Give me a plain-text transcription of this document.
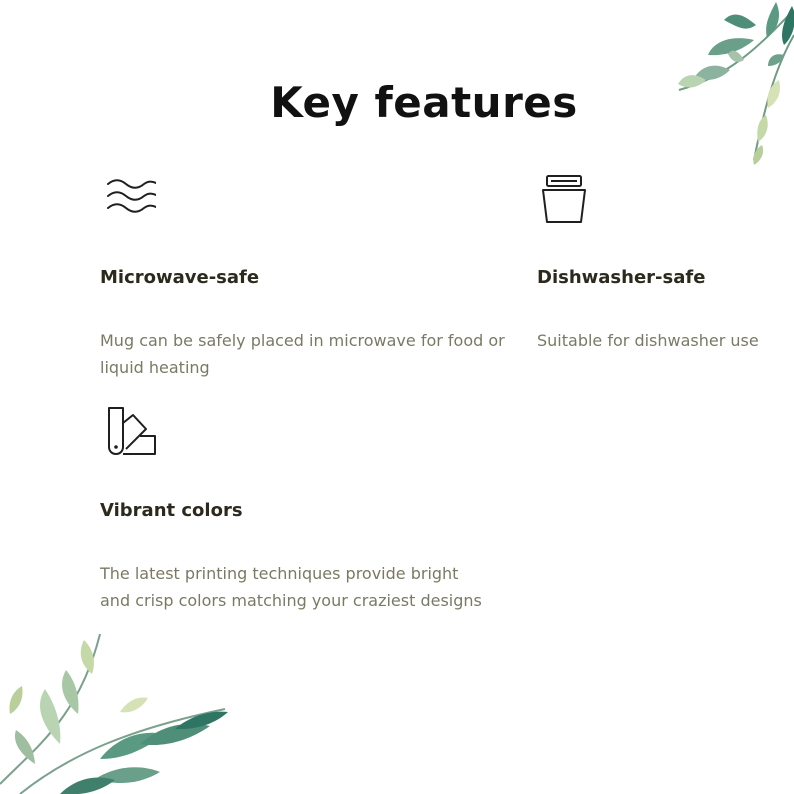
Key features
Microwave-safe
Mug can be safely placed in microwave for food or liquid heating
Dishwasher-safe
Suitable for dishwasher use
Vibrant colors
The latest printing techniques provide bright and crisp colors matching your craziest designs
